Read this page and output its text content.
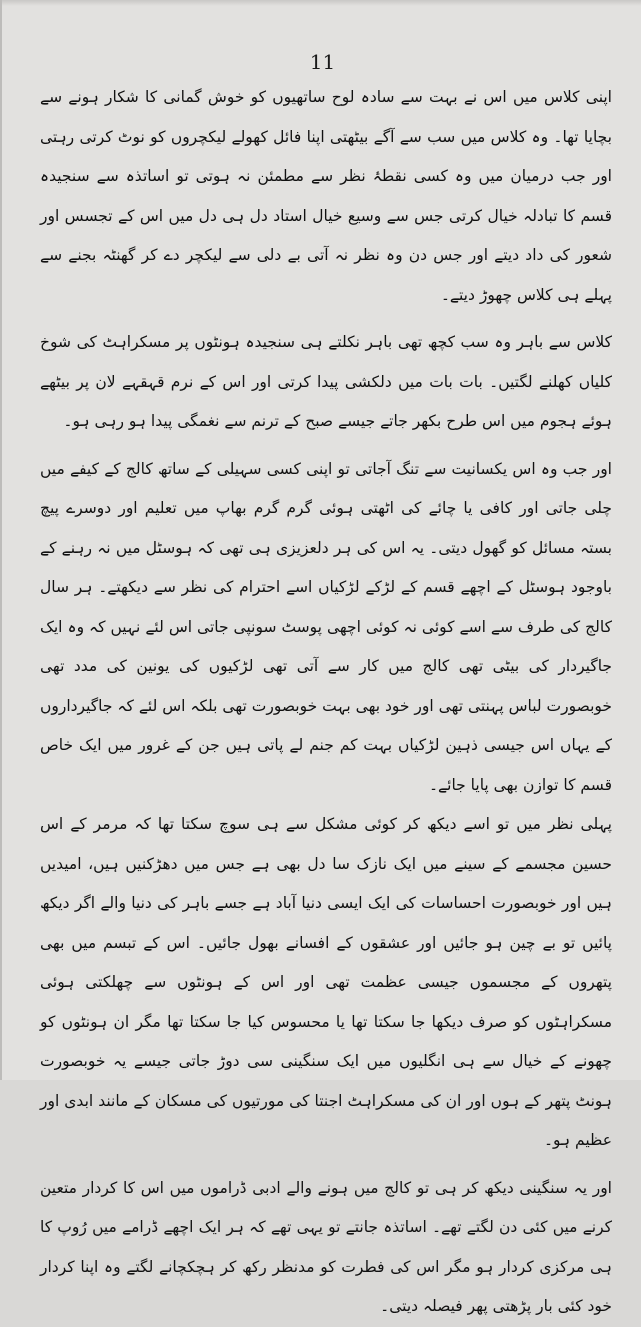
11

اپنی کلاس میں اس نے بہت سے سادہ لوح ساتھیوں کو خوش گمانی کا شکار ہونے سے بچایا تھا۔ وہ کلاس میں سب سے آگے بیٹھتی اپنا فائل کھولے لیکچروں کو نوٹ کرتی رہتی اور جب درمیان میں وہ کسی نقطۂ نظر سے مطمئن نہ ہوتی تو اساتذہ سے سنجیدہ قسم کا تبادلہ خیال کرتی جس سے وسیع خیال استاد دل ہی دل میں اس کے تجسس اور شعور کی داد دیتے اور جس دن وہ نظر نہ آتی بے دلی سے لیکچر دے کر گھنٹہ بجنے سے پہلے ہی کلاس چھوڑ دیتے۔

کلاس سے باہر وہ سب کچھ تھی باہر نکلتے ہی سنجیدہ ہونٹوں پر مسکراہٹ کی شوخ کلیاں کھلنے لگتیں۔ بات بات میں دلکشی پیدا کرتی اور اس کے نرم قہقہے لان پر بیٹھے ہوئے ہجوم میں اس طرح بکھر جاتے جیسے صبح کے ترنم سے نغمگی پیدا ہو رہی ہو۔

اور جب وہ اس یکسانیت سے تنگ آجاتی تو اپنی کسی سہیلی کے ساتھ کالج کے کیفے میں چلی جاتی اور کافی یا چائے کی اٹھتی ہوئی گرم گرم بھاپ میں تعلیم اور دوسرے پیچ بستہ مسائل کو گھول دیتی۔ یہ اس کی ہر دلعزیزی ہی تھی کہ ہوسٹل میں نہ رہنے کے باوجود ہوسٹل کے اچھے قسم کے لڑکے لڑکیاں اسے احترام کی نظر سے دیکھتے۔ ہر سال کالج کی طرف سے اسے کوئی نہ کوئی اچھی پوسٹ سونپی جاتی اس لئے نہیں کہ وہ ایک جاگیردار کی بیٹی تھی کالج میں کار سے آتی تھی لڑکیوں کی یونین کی مدد تھی خوبصورت لباس پہنتی تھی اور خود بھی بہت خوبصورت تھی بلکہ اس لئے کہ جاگیرداروں کے یہاں اس جیسی ذہین لڑکیاں بہت کم جنم لے پاتی ہیں جن کے غرور میں ایک خاص قسم کا توازن بھی پایا جائے۔

پہلی نظر میں تو اسے دیکھ کر کوئی مشکل سے ہی سوچ سکتا تھا کہ مرمر کے اس حسین مجسمے کے سینے میں ایک نازک سا دل بھی ہے جس میں دھڑکنیں ہیں، امیدیں ہیں اور خوبصورت احساسات کی ایک ایسی دنیا آباد ہے جسے باہر کی دنیا والے اگر دیکھ پائیں تو بے چین ہو جائیں اور عشقوں کے افسانے بھول جائیں۔ اس کے تبسم میں بھی پتھروں کے مجسموں جیسی عظمت تھی اور اس کے ہونٹوں سے چھلکتی ہوئی مسکراہٹوں کو صرف دیکھا جا سکتا تھا یا محسوس کیا جا سکتا تھا مگر ان ہونٹوں کو چھونے کے خیال سے ہی انگلیوں میں ایک سنگینی سی دوڑ جاتی جیسے یہ خوبصورت ہونٹ پتھر کے ہوں اور ان کی مسکراہٹ اجنتا کی مورتیوں کی مسکان کے مانند ابدی اور عظیم ہو۔

اور یہ سنگینی دیکھ کر ہی تو کالج میں ہونے والے ادبی ڈراموں میں اس کا کردار متعین کرنے میں کئی دن لگتے تھے۔ اساتذہ جانتے تو یہی تھے کہ ہر ایک اچھے ڈرامے میں رُوپ کا ہی مرکزی کردار ہو مگر اس کی فطرت کو مدنظر رکھ کر ہچکچانے لگتے وہ اپنا کردار خود کئی بار پڑھتی پھر فیصلہ دیتی۔
